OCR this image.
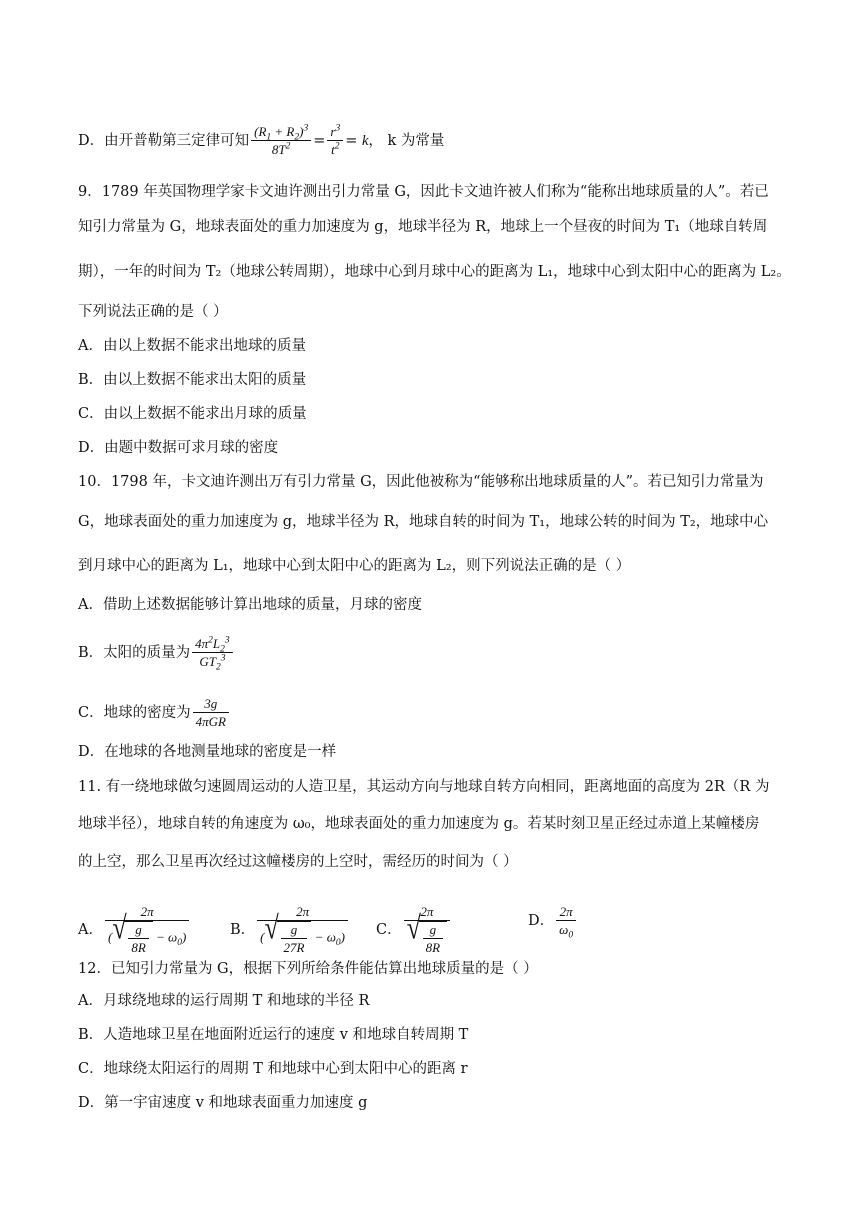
D．由开普勒第三定律可知 $\frac{(R_1 + R_2)^3}{8T^2} = \frac{r^3}{t^2} = k$， k 为常量
9．1789 年英国物理学家卡文迪许测出引力常量 G，因此卡文迪许被人们称为“能称出地球质量的人”。若已
知引力常量为 G，地球表面处的重力加速度为 g，地球半径为 R，地球上一个昼夜的时间为 T₁（地球自转周
期），一年的时间为 T₂（地球公转周期），地球中心到月球中心的距离为 L₁，地球中心到太阳中心的距离为 L₂。
下列说法正确的是（ ）
A．由以上数据不能求出地球的质量
B．由以上数据不能求出太阳的质量
C．由以上数据不能求出月球的质量
D．由题中数据可求月球的密度
10．1798 年，卡文迪许测出万有引力常量 G，因此他被称为“能够称出地球质量的人”。若已知引力常量为
G，地球表面处的重力加速度为 g，地球半径为 R，地球自转的时间为 T₁，地球公转的时间为 T₂，地球中心
到月球中心的距离为 L₁，地球中心到太阳中心的距离为 L₂，则下列说法正确的是（ ）
A．借助上述数据能够计算出地球的质量，月球的密度
B．太阳的质量为 $\frac{4\pi^2L_2^3}{GT_2^3}$
C．地球的密度为 $\frac{3g}{\text{4πGR}}$
D．在地球的各地测量地球的密度是一样
11. 有一绕地球做匀速圆周运动的人造卫星，其运动方向与地球自转方向相同，距离地面的高度为 2R（R 为
地球半径），地球自转的角速度为 ω₀，地球表面处的重力加速度为 g。若某时刻卫星正经过赤道上某幢楼房
的上空，那么卫星再次经过这幢楼房的上空时，需经历的时间为（ ）
A． 2π
(
√ $\frac{g}{8R} - \omega_0$)	B． 2π
(
√ $\frac{g}{27R} - \omega_0$) C． 2π
√ $\frac{g}{8R}$	D． $\frac{2\pi}{\omega_0}$
12．已知引力常量为 G，根据下列所给条件能估算出地球质量的是（ ）
A．月球绕地球的运行周期 T 和地球的半径 R
B．人造地球卫星在地面附近运行的速度 v 和地球自转周期 T
C．地球绕太阳运行的周期 T 和地球中心到太阳中心的距离 r
D．第一宇宙速度 v 和地球表面重力加速度 g
